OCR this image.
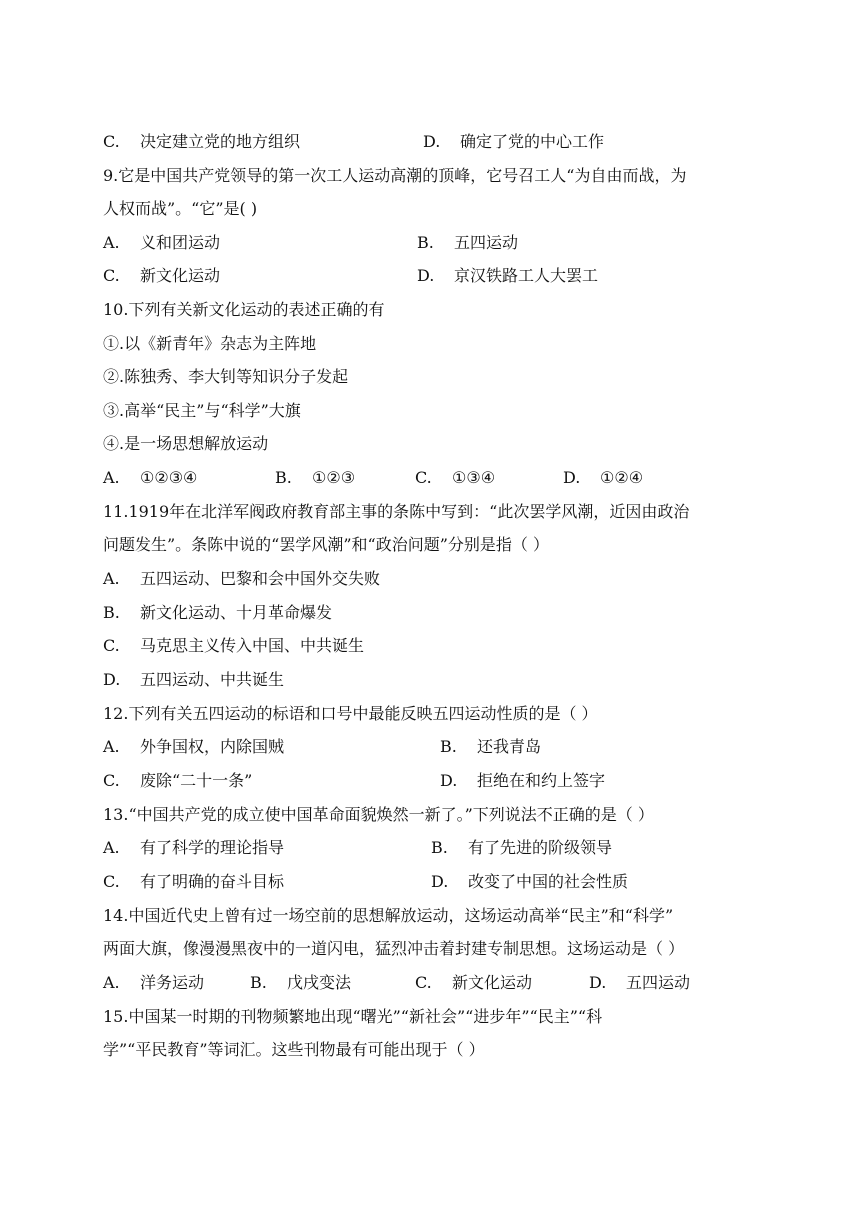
C. 决定建立党的地方组织	D. 确定了党的中心工作
9.它是中国共产党领导的第一次工人运动高潮的顶峰，它号召工人“为自由而战，为
人权而战”。“它”是( )
A. 义和团运动	B. 五四运动
C. 新文化运动	D. 京汉铁路工人大罢工
10.下列有关新文化运动的表述正确的有
①.以《新青年》杂志为主阵地
②.陈独秀、李大钊等知识分子发起
③.高举“民主”与“科学”大旗
④.是一场思想解放运动
A. ①②③④	B. ①②③	C. ①③④	D. ①②④
11.1919年在北洋军阀政府教育部主事的条陈中写到：“此次罢学风潮，近因由政治
问题发生”。条陈中说的“罢学风潮”和“政治问题”分别是指（ ）
A. 五四运动、巴黎和会中国外交失败
B. 新文化运动、十月革命爆发
C. 马克思主义传入中国、中共诞生
D. 五四运动、中共诞生
12.下列有关五四运动的标语和口号中最能反映五四运动性质的是（ ）
A. 外争国权，内除国贼	B. 还我青岛
C. 废除“二十一条”	D. 拒绝在和约上签字
13.“中国共产党的成立使中国革命面貌焕然一新了。”下列说法不正确的是（ ）
A. 有了科学的理论指导	B. 有了先进的阶级领导
C. 有了明确的奋斗目标	D. 改变了中国的社会性质
14.中国近代史上曾有过一场空前的思想解放运动，这场运动高举“民主”和“科学”
两面大旗，像漫漫黑夜中的一道闪电，猛烈冲击着封建专制思想。这场运动是（ ）
A. 洋务运动	B. 戊戌变法	C. 新文化运动	D. 五四运动
15.中国某一时期的刊物频繁地出现“曙光”“新社会”“进步年”“民主”“科
学”“平民教育”等词汇。这些刊物最有可能出现于（ ）
